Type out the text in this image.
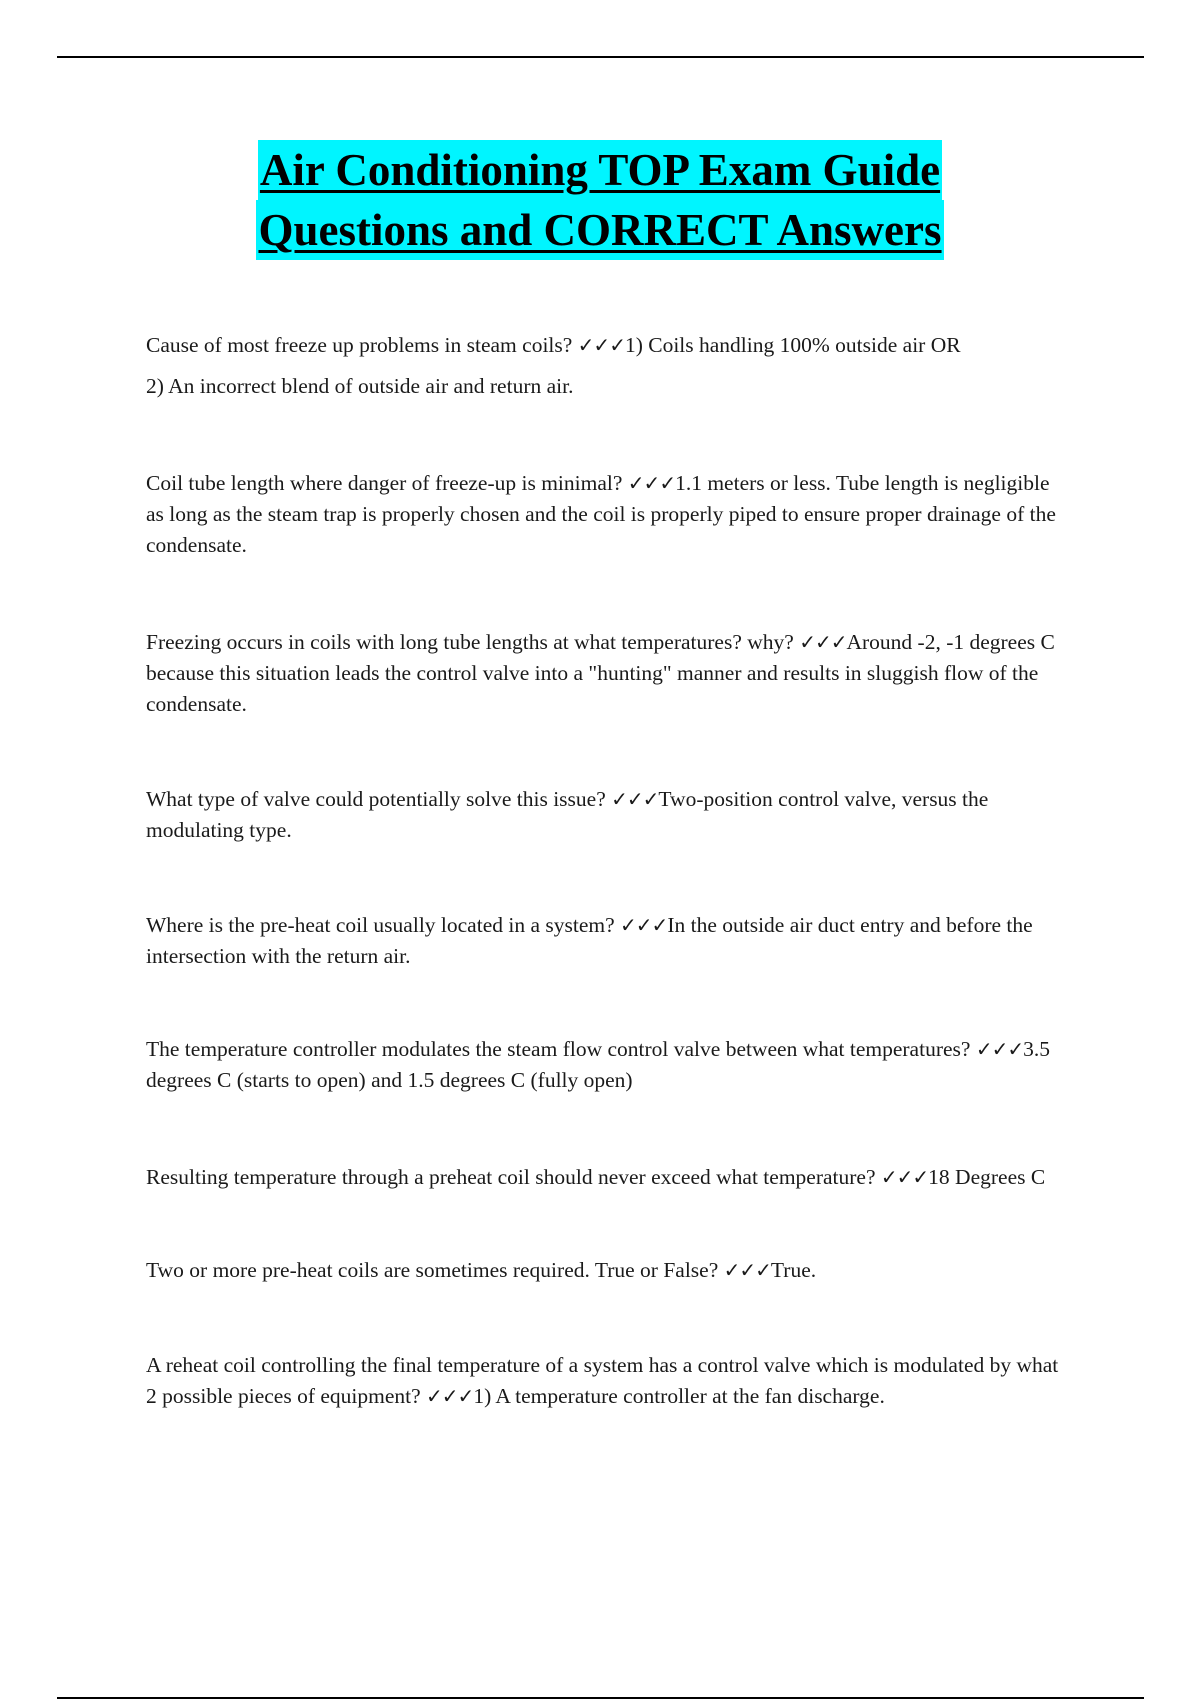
Air Conditioning TOP Exam Guide
Questions and CORRECT Answers

Cause of most freeze up problems in steam coils? ✓✓✓1) Coils handling 100% outside air OR

2) An incorrect blend of outside air and return air.

Coil tube length where danger of freeze-up is minimal? ✓✓✓1.1 meters or less. Tube length is negligible as long as the steam trap is properly chosen and the coil is properly piped to ensure proper drainage of the condensate.

Freezing occurs in coils with long tube lengths at what temperatures? why? ✓✓✓Around -2, -1 degrees C because this situation leads the control valve into a "hunting" manner and results in sluggish flow of the condensate.

What type of valve could potentially solve this issue? ✓✓✓Two-position control valve, versus the modulating type.

Where is the pre-heat coil usually located in a system? ✓✓✓In the outside air duct entry and before the intersection with the return air.

The temperature controller modulates the steam flow control valve between what temperatures? ✓✓✓3.5 degrees C (starts to open) and 1.5 degrees C (fully open)

Resulting temperature through a preheat coil should never exceed what temperature? ✓✓✓18 Degrees C

Two or more pre-heat coils are sometimes required. True or False? ✓✓✓True.

A reheat coil controlling the final temperature of a system has a control valve which is modulated by what 2 possible pieces of equipment? ✓✓✓1) A temperature controller at the fan discharge.
